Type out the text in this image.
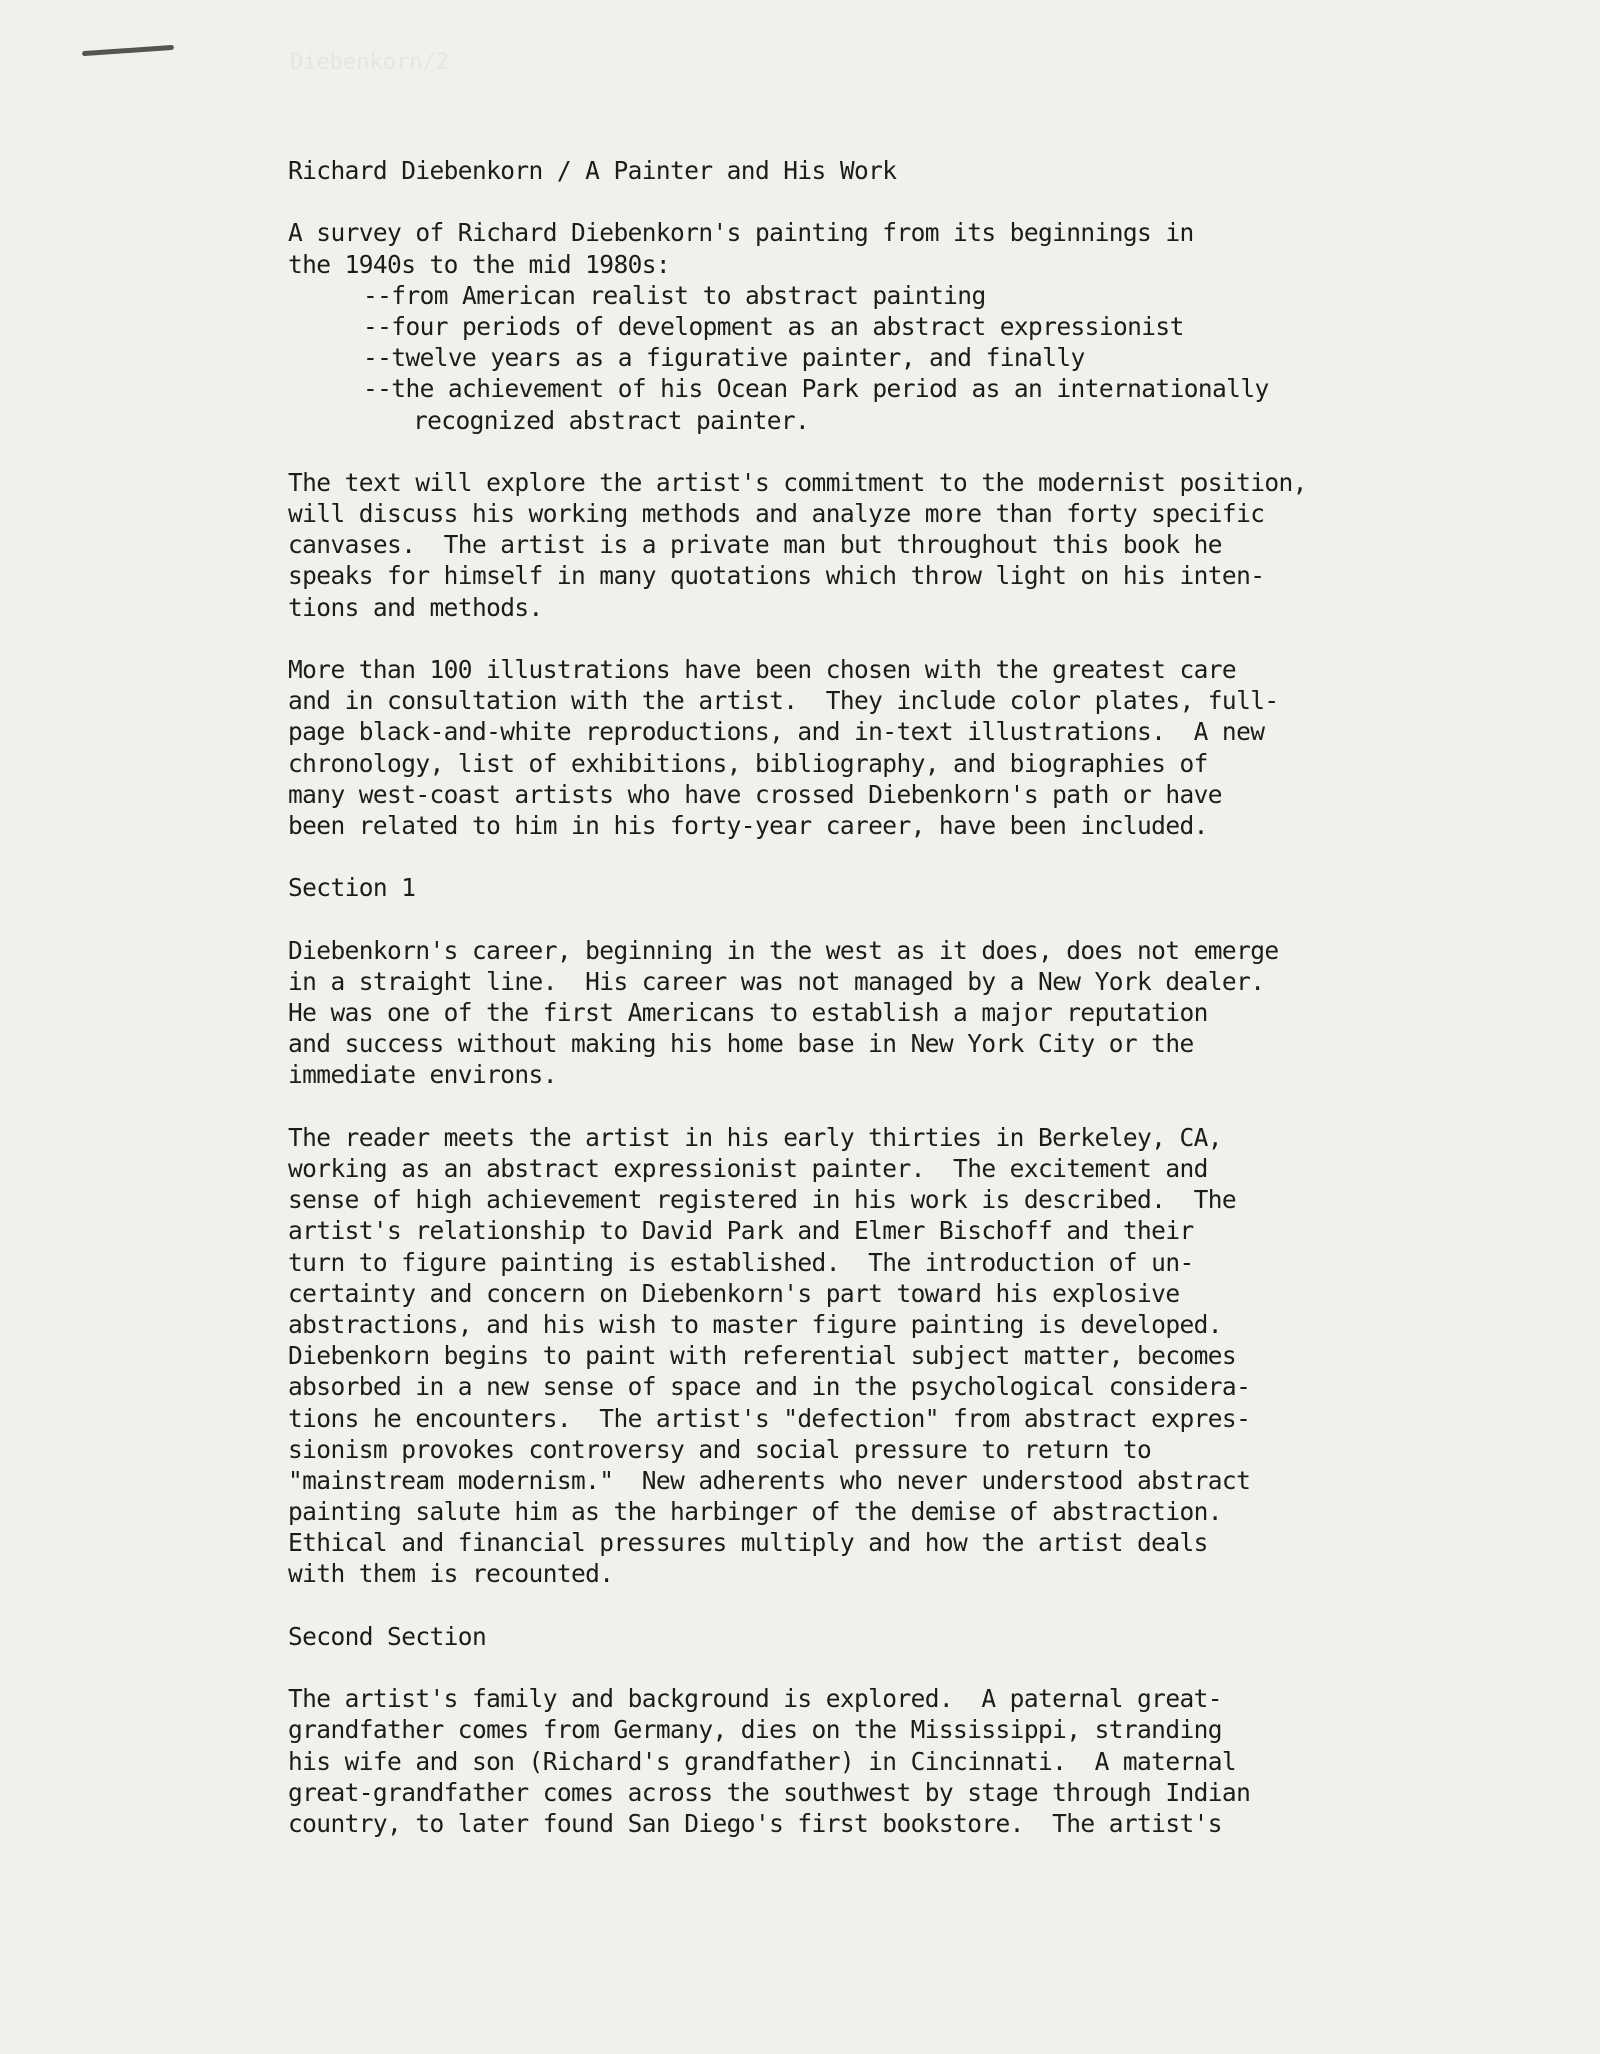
Diebenkorn/2
Richard Diebenkorn / A Painter and His Work
A survey of Richard Diebenkorn's painting from its beginnings in
the 1940s to the mid 1980s:
--from American realist to abstract painting
--four periods of development as an abstract expressionist
--twelve years as a figurative painter, and finally
--the achievement of his Ocean Park period as an internationally
recognized abstract painter.
The text will explore the artist's commitment to the modernist position,
will discuss his working methods and analyze more than forty specific
canvases.  The artist is a private man but throughout this book he
speaks for himself in many quotations which throw light on his inten-
tions and methods.
More than 100 illustrations have been chosen with the greatest care
and in consultation with the artist.  They include color plates, full-
page black-and-white reproductions, and in-text illustrations.  A new
chronology, list of exhibitions, bibliography, and biographies of
many west-coast artists who have crossed Diebenkorn's path or have
been related to him in his forty-year career, have been included.
Section 1
Diebenkorn's career, beginning in the west as it does, does not emerge
in a straight line.  His career was not managed by a New York dealer.
He was one of the first Americans to establish a major reputation
and success without making his home base in New York City or the
immediate environs.
The reader meets the artist in his early thirties in Berkeley, CA,
working as an abstract expressionist painter.  The excitement and
sense of high achievement registered in his work is described.  The
artist's relationship to David Park and Elmer Bischoff and their
turn to figure painting is established.  The introduction of un-
certainty and concern on Diebenkorn's part toward his explosive
abstractions, and his wish to master figure painting is developed.
Diebenkorn begins to paint with referential subject matter, becomes
absorbed in a new sense of space and in the psychological considera-
tions he encounters.  The artist's "defection" from abstract expres-
sionism provokes controversy and social pressure to return to
"mainstream modernism."  New adherents who never understood abstract
painting salute him as the harbinger of the demise of abstraction.
Ethical and financial pressures multiply and how the artist deals
with them is recounted.
Second Section
The artist's family and background is explored.  A paternal great-
grandfather comes from Germany, dies on the Mississippi, stranding
his wife and son (Richard's grandfather) in Cincinnati.  A maternal
great-grandfather comes across the southwest by stage through Indian
country, to later found San Diego's first bookstore.  The artist's
